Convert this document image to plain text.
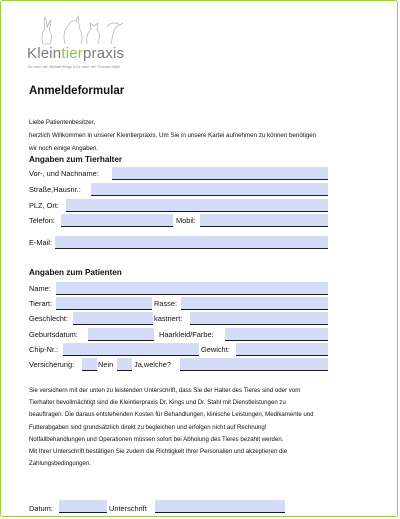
Kleintierpraxis
Dr. med. vet. Michael Kings & Dr. med. vet. Thomas Stahl
Anmeldeformular
Liebe Patientenbesitzer,
herzlich Willkommen in unserer Kleintierpraxis. Um Sie in unsere Kartei aufnehmen zu können benötigen
wir noch einige Angaben.
Angaben zum Tierhalter
Vor-, und Nachname:
Straße,Hausnr.:
PLZ, Ort:
Telefon:	Mobil:
E-Mail:
Angaben zum Patienten
Name:
Tierart:	Rasse:
Geschlecht:	kastriert:
Geburtsdatum:	Haarkleid/Farbe:
Chip-Nr.:	Gewicht:
Versicherung:	Nein	Ja,welche?
Sie versichern mit der unten zu leistenden Unterschrift, dass Sie der Halter des Tieres sind oder vom
Tierhalter bevollmächtigt sind die Kleintierpraxis Dr. Kings und Dr. Stahl mit Dienstleistungen zu
beauftragen. Die daraus entstehenden Kosten für Behandlungen, klinische Leistungen, Medikamente und
Futterabgaben sind grundsätzlich direkt zu begleichen und erfolgen nicht auf Rechnung!
Notfallbehandlungen und Operationen müssen sofort bei Abholung des Tieres bezahlt werden.
Mit Ihrer Unterschrift bestätigen Sie zudem die Richtigkeit Ihrer Personalien und akzeptieren die
Zahlungsbedingungen.
Datum:	Unterschrift
